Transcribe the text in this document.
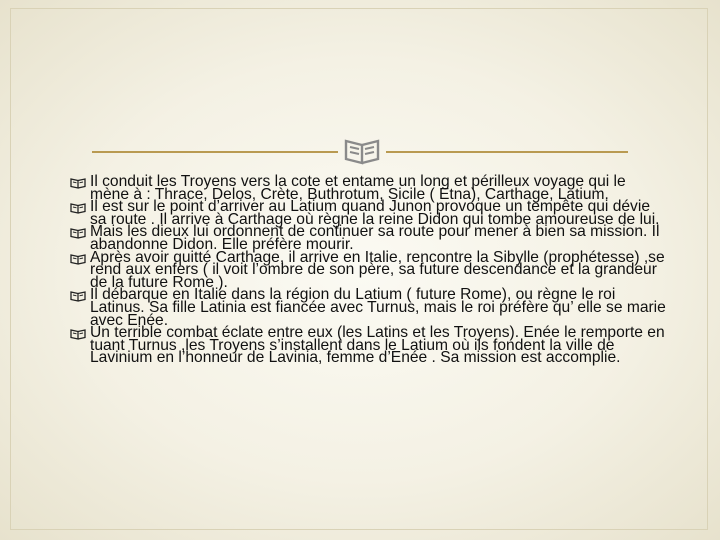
Il conduit les Troyens vers la cote et entame un long et périlleux voyage qui le mène à : Thrace, Delos, Crète, Buthrotum, Sicile ( Etna), Carthage, Latium.
Il est sur le point d’arriver au Latium quand Junon provoque un tempête qui dévie sa route . Il arrive à Carthage où règne la reine Didon qui tombe amoureuse de lui.
Mais les dieux lui ordonnent de continuer sa route pour mener à bien sa mission. Il abandonne Didon. Elle préfère mourir.
Après avoir quitté Carthage, il arrive en Italie, rencontre la Sibylle (prophétesse) ,se rend aux enfers ( il voit l’ombre de son père, sa future descendance et la grandeur de la future Rome ).
Il débarque en Italie dans la région du Latium ( future Rome), ou règne le roi Latinus. Sa fille Latinia est fiancée avec Turnus, mais le roi préfère qu’ elle se marie avec Enée.
Un terrible combat éclate entre eux (les Latins et les Troyens). Enée le remporte en tuant Turnus ,les Troyens s’installent dans le Latium où ils fondent la ville de Lavinium en l’honneur de Lavinia, femme d’Enée . Sa mission est accomplie.
